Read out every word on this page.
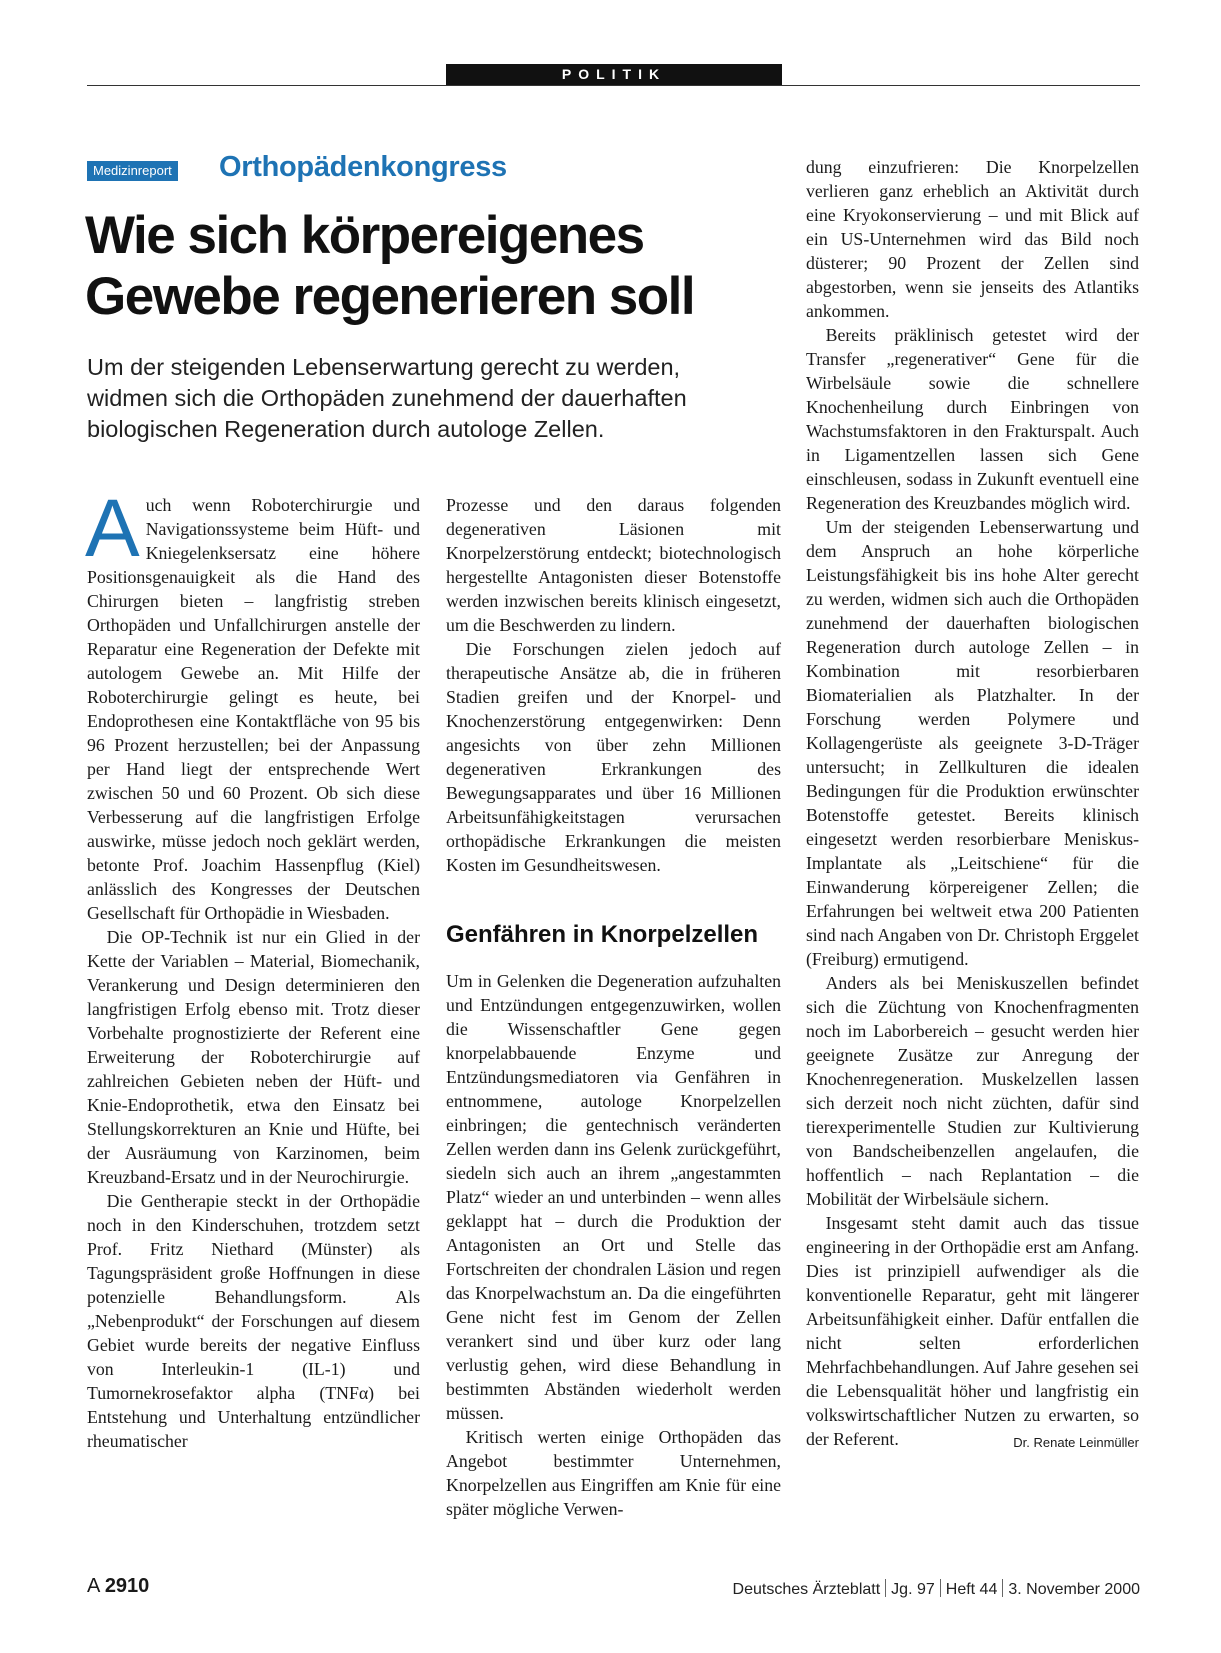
POLITIK
Medizinreport Orthopädenkongress
Wie sich körpereigenes
Gewebe regenerieren soll
Um der steigenden Lebenserwartung gerecht zu werden,
widmen sich die Orthopäden zunehmend der dauerhaften
biologischen Regeneration durch autologe Zellen.

Auch wenn Roboterchirurgie und Navigationssysteme beim Hüft- und Kniegelenksersatz eine höhere Positionsgenauigkeit als die Hand des Chirurgen bieten – langfristig streben Orthopäden und Unfallchirurgen anstelle der Reparatur eine Regeneration der Defekte mit autologem Gewebe an. Mit Hilfe der Roboterchirurgie gelingt es heute, bei Endoprothesen eine Kontaktfläche von 95 bis 96 Prozent herzustellen; bei der Anpassung per Hand liegt der entsprechende Wert zwischen 50 und 60 Prozent. Ob sich diese Verbesserung auf die langfristigen Erfolge auswirke, müsse jedoch noch geklärt werden, betonte Prof. Joachim Hassenpflug (Kiel) anlässlich des Kongresses der Deutschen Gesellschaft für Orthopädie in Wiesbaden.

Die OP-Technik ist nur ein Glied in der Kette der Variablen – Material, Biomechanik, Verankerung und Design determinieren den langfristigen Erfolg ebenso mit. Trotz dieser Vorbehalte prognostizierte der Referent eine Erweiterung der Roboterchirurgie auf zahlreichen Gebieten neben der Hüft- und Knie-Endoprothetik, etwa den Einsatz bei Stellungskorrekturen an Knie und Hüfte, bei der Ausräumung von Karzinomen, beim Kreuzband-Ersatz und in der Neurochirurgie.

Die Gentherapie steckt in der Orthopädie noch in den Kinderschuhen, trotzdem setzt Prof. Fritz Niethard (Münster) als Tagungspräsident große Hoffnungen in diese potenzielle Behandlungsform. Als „Nebenprodukt“ der Forschungen auf diesem Gebiet wurde bereits der negative Einfluss von Interleukin-1 (IL-1) und Tumornekrosefaktor alpha (TNFα) bei Entstehung und Unterhaltung entzündlicher rheumatischer

Prozesse und den daraus folgenden degenerativen Läsionen mit Knorpelzerstörung entdeckt; biotechnologisch hergestellte Antagonisten dieser Botenstoffe werden inzwischen bereits klinisch eingesetzt, um die Beschwerden zu lindern.

Die Forschungen zielen jedoch auf therapeutische Ansätze ab, die in früheren Stadien greifen und der Knorpel- und Knochenzerstörung entgegenwirken: Denn angesichts von über zehn Millionen degenerativen Erkrankungen des Bewegungsapparates und über 16 Millionen Arbeitsunfähigkeitstagen verursachen orthopädische Erkrankungen die meisten Kosten im Gesundheitswesen.

Genfähren in Knorpelzellen

Um in Gelenken die Degeneration aufzuhalten und Entzündungen entgegenzuwirken, wollen die Wissenschaftler Gene gegen knorpelabbauende Enzyme und Entzündungsmediatoren via Genfähren in entnommene, autologe Knorpelzellen einbringen; die gentechnisch veränderten Zellen werden dann ins Gelenk zurückgeführt, siedeln sich auch an ihrem „angestammten Platz“ wieder an und unterbinden – wenn alles geklappt hat – durch die Produktion der Antagonisten an Ort und Stelle das Fortschreiten der chondralen Läsion und regen das Knorpelwachstum an. Da die eingeführten Gene nicht fest im Genom der Zellen verankert sind und über kurz oder lang verlustig gehen, wird diese Behandlung in bestimmten Abständen wiederholt werden müssen.

Kritisch werten einige Orthopäden das Angebot bestimmter Unternehmen, Knorpelzellen aus Eingriffen am Knie für eine später mögliche Verwen-

dung einzufrieren: Die Knorpelzellen verlieren ganz erheblich an Aktivität durch eine Kryokonservierung – und mit Blick auf ein US-Unternehmen wird das Bild noch düsterer; 90 Prozent der Zellen sind abgestorben, wenn sie jenseits des Atlantiks ankommen.

Bereits präklinisch getestet wird der Transfer „regenerativer“ Gene für die Wirbelsäule sowie die schnellere Knochenheilung durch Einbringen von Wachstumsfaktoren in den Frakturspalt. Auch in Ligamentzellen lassen sich Gene einschleusen, sodass in Zukunft eventuell eine Regeneration des Kreuzbandes möglich wird.

Um der steigenden Lebenserwartung und dem Anspruch an hohe körperliche Leistungsfähigkeit bis ins hohe Alter gerecht zu werden, widmen sich auch die Orthopäden zunehmend der dauerhaften biologischen Regeneration durch autologe Zellen – in Kombination mit resorbierbaren Biomaterialien als Platzhalter. In der Forschung werden Polymere und Kollagengerüste als geeignete 3-D-Träger untersucht; in Zellkulturen die idealen Bedingungen für die Produktion erwünschter Botenstoffe getestet. Bereits klinisch eingesetzt werden resorbierbare Meniskus-Implantate als „Leitschiene“ für die Einwanderung körpereigener Zellen; die Erfahrungen bei weltweit etwa 200 Patienten sind nach Angaben von Dr. Christoph Erggelet (Freiburg) ermutigend.

Anders als bei Meniskuszellen befindet sich die Züchtung von Knochenfragmenten noch im Laborbereich – gesucht werden hier geeignete Zusätze zur Anregung der Knochenregeneration. Muskelzellen lassen sich derzeit noch nicht züchten, dafür sind tierexperimentelle Studien zur Kultivierung von Bandscheibenzellen angelaufen, die hoffentlich – nach Replantation – die Mobilität der Wirbelsäule sichern.

Insgesamt steht damit auch das tissue engineering in der Orthopädie erst am Anfang. Dies ist prinzipiell aufwendiger als die konventionelle Reparatur, geht mit längerer Arbeitsunfähigkeit einher. Dafür entfallen die nicht selten erforderlichen Mehrfachbehandlungen. Auf Jahre gesehen sei die Lebensqualität höher und langfristig ein volkswirtschaftlicher Nutzen zu erwarten, so der Referent.	Dr. Renate Leinmüller

A 2910	Deutsches Ärzteblatt Jg. 97 Heft 44 3. November 2000
